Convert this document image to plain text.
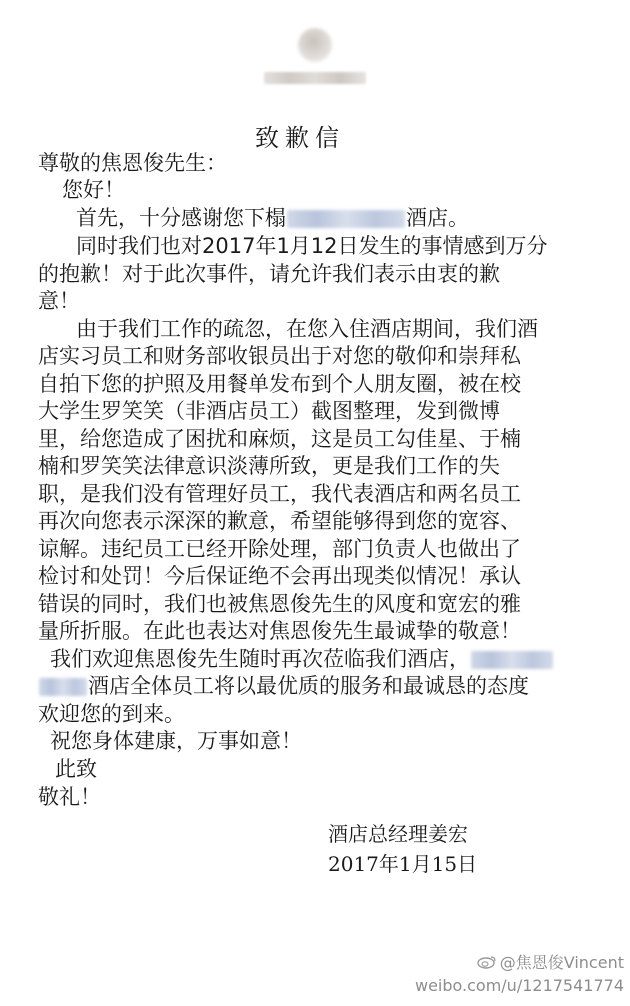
致歉信
尊敬的焦恩俊先生：
您好！
首先，十分感谢您下榻	酒店。
同时我们也对2017年1月12日发生的事情感到万分
的抱歉！对于此次事件，请允许我们表示由衷的歉
意！
由于我们工作的疏忽，在您入住酒店期间，我们酒
店实习员工和财务部收银员出于对您的敬仰和崇拜私
自拍下您的护照及用餐单发布到个人朋友圈，被在校
大学生罗笑笑（非酒店员工）截图整理，发到微博
里，给您造成了困扰和麻烦，这是员工勾佳星、于楠
楠和罗笑笑法律意识淡薄所致，更是我们工作的失
职，是我们没有管理好员工，我代表酒店和两名员工
再次向您表示深深的歉意，希望能够得到您的宽容、
谅解。违纪员工已经开除处理，部门负责人也做出了
检讨和处罚！今后保证绝不会再出现类似情况！承认
错误的同时，我们也被焦恩俊先生的风度和宽宏的雅
量所折服。在此也表达对焦恩俊先生最诚挚的敬意！
我们欢迎焦恩俊先生随时再次莅临我们酒店，
酒店全体员工将以最优质的服务和最诚恳的态度
欢迎您的到来。
祝您身体建康，万事如意！
此致
敬礼！
酒店总经理姜宏
2017年1月15日
@焦恩俊Vincent
weibo.com/u/1217541774
